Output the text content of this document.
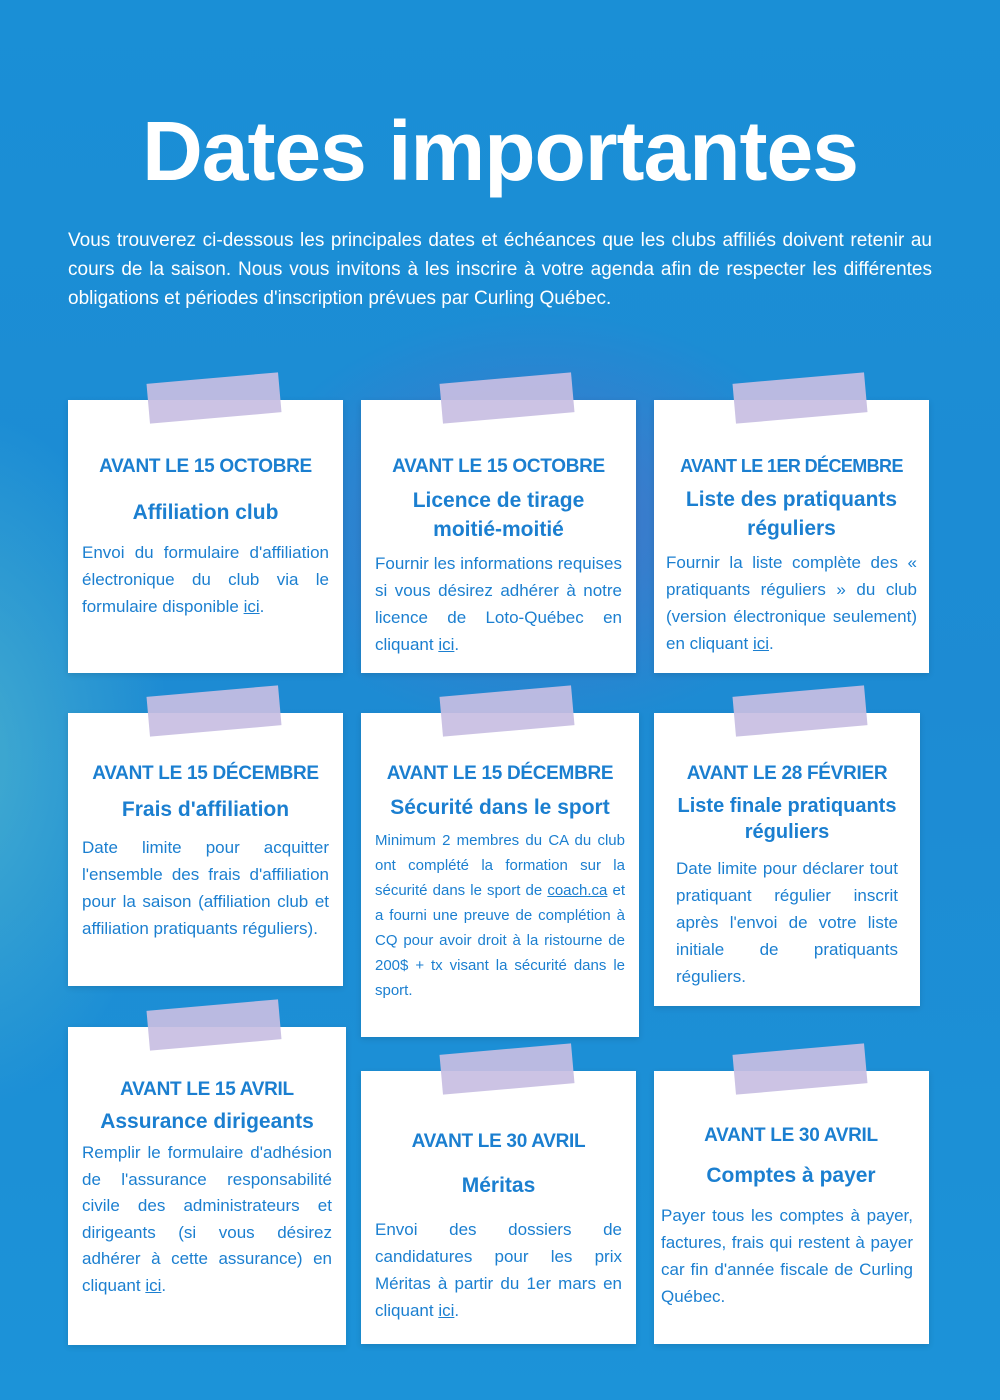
Dates importantes

Vous trouverez ci-dessous les principales dates et échéances que les clubs affiliés doivent retenir au cours de la saison. Nous vous invitons à les inscrire à votre agenda afin de respecter les différentes obligations et périodes d'inscription prévues par Curling Québec.

AVANT LE 15 OCTOBRE

Affiliation club

Envoi du formulaire d'affiliation électronique du club via le formulaire disponible ici.

AVANT LE 15 OCTOBRE

Licence de tirage moitié-moitié

Fournir les informations requises si vous désirez adhérer à notre licence de Loto-Québec en cliquant ici.

AVANT LE 1ER DÉCEMBRE

Liste des pratiquants réguliers

Fournir la liste complète des « pratiquants réguliers » du club (version électronique seulement) en cliquant ici.

AVANT LE 15 DÉCEMBRE

Frais d'affiliation

Date limite pour acquitter l'ensemble des frais d'affiliation pour la saison (affiliation club et affiliation pratiquants réguliers).

AVANT LE 15 DÉCEMBRE

Sécurité dans le sport

Minimum 2 membres du CA du club ont complété la formation sur la sécurité dans le sport de coach.ca et a fourni une preuve de complétion à CQ pour avoir droit à la ristourne de 200$ + tx visant la sécurité dans le sport.

AVANT LE 28 FÉVRIER

Liste finale pratiquants réguliers

Date limite pour déclarer tout pratiquant régulier inscrit après l'envoi de votre liste initiale de pratiquants réguliers.

AVANT LE 15 AVRIL

Assurance dirigeants

Remplir le formulaire d'adhésion de l'assurance responsabilité civile des administrateurs et dirigeants (si vous désirez adhérer à cette assurance) en cliquant ici.

AVANT LE 30 AVRIL

Méritas

Envoi des dossiers de candidatures pour les prix Méritas à partir du 1er mars en cliquant ici.

AVANT LE 30 AVRIL

Comptes à payer

Payer tous les comptes à payer, factures, frais qui restent à payer car fin d'année fiscale de Curling Québec.
